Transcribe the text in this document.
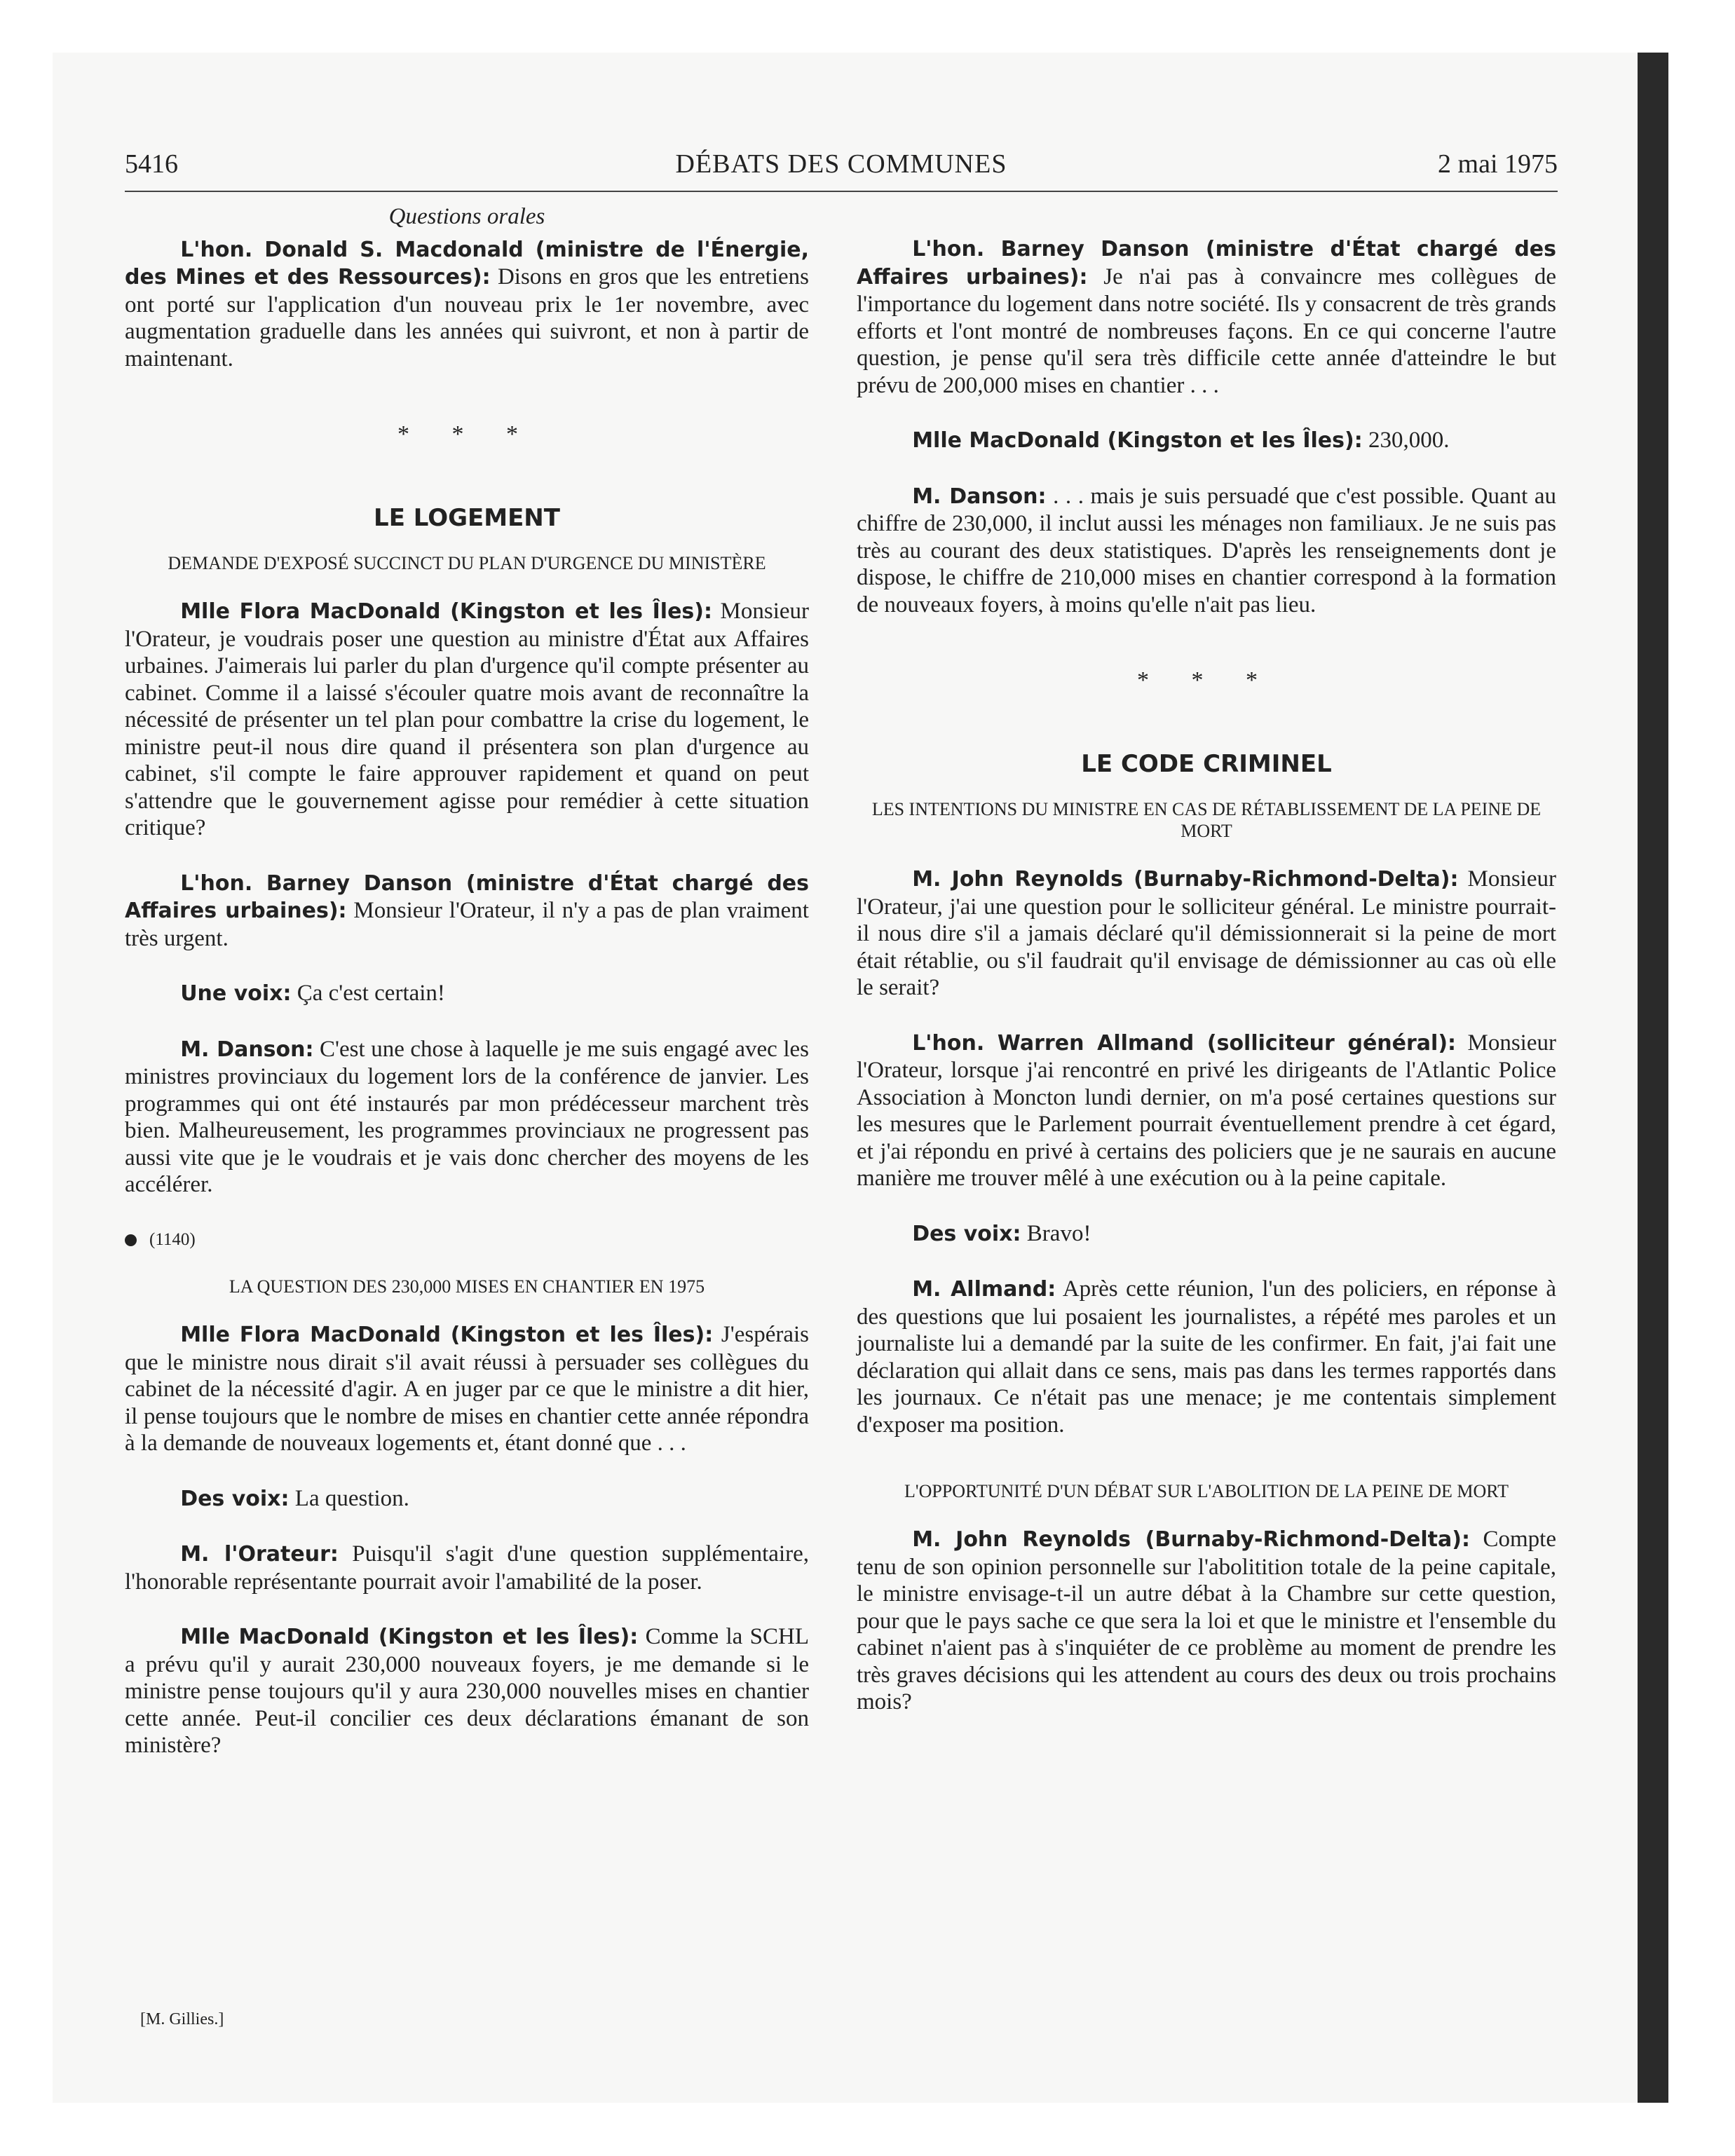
5416	DÉBATS DES COMMUNES	2 mai 1975
Questions orales

L'hon. Donald S. Macdonald (ministre de l'Énergie, des Mines et des Ressources): Disons en gros que les entretiens ont porté sur l'application d'un nouveau prix le 1er novembre, avec augmentation graduelle dans les années qui suivront, et non à partir de maintenant.

* * *
LE LOGEMENT
DEMANDE D'EXPOSÉ SUCCINCT DU PLAN D'URGENCE DU MINISTÈRE

Mlle Flora MacDonald (Kingston et les Îles): Monsieur l'Orateur, je voudrais poser une question au ministre d'État aux Affaires urbaines. J'aimerais lui parler du plan d'urgence qu'il compte présenter au cabinet. Comme il a laissé s'écouler quatre mois avant de reconnaître la nécessité de présenter un tel plan pour combattre la crise du logement, le ministre peut-il nous dire quand il présentera son plan d'urgence au cabinet, s'il compte le faire approuver rapidement et quand on peut s'attendre que le gouvernement agisse pour remédier à cette situation critique?

L'hon. Barney Danson (ministre d'État chargé des Affaires urbaines): Monsieur l'Orateur, il n'y a pas de plan vraiment très urgent.

Une voix: Ça c'est certain!

M. Danson: C'est une chose à laquelle je me suis engagé avec les ministres provinciaux du logement lors de la conférence de janvier. Les programmes qui ont été instaurés par mon prédécesseur marchent très bien. Malheureusement, les programmes provinciaux ne progressent pas aussi vite que je le voudrais et je vais donc chercher des moyens de les accélérer.

(1140)
LA QUESTION DES 230,000 MISES EN CHANTIER EN 1975

Mlle Flora MacDonald (Kingston et les Îles): J'espérais que le ministre nous dirait s'il avait réussi à persuader ses collègues du cabinet de la nécessité d'agir. A en juger par ce que le ministre a dit hier, il pense toujours que le nombre de mises en chantier cette année répondra à la demande de nouveaux logements et, étant donné que . . .

Des voix: La question.

M. l'Orateur: Puisqu'il s'agit d'une question supplémentaire, l'honorable représentante pourrait avoir l'amabilité de la poser.

Mlle MacDonald (Kingston et les Îles): Comme la SCHL a prévu qu'il y aurait 230,000 nouveaux foyers, je me demande si le ministre pense toujours qu'il y aura 230,000 nouvelles mises en chantier cette année. Peut-il concilier ces deux déclarations émanant de son ministère?

[M. Gillies.]

L'hon. Barney Danson (ministre d'État chargé des Affaires urbaines): Je n'ai pas à convaincre mes collègues de l'importance du logement dans notre société. Ils y consacrent de très grands efforts et l'ont montré de nombreuses façons. En ce qui concerne l'autre question, je pense qu'il sera très difficile cette année d'atteindre le but prévu de 200,000 mises en chantier . . .

Mlle MacDonald (Kingston et les Îles): 230,000.

M. Danson: . . . mais je suis persuadé que c'est possible. Quant au chiffre de 230,000, il inclut aussi les ménages non familiaux. Je ne suis pas très au courant des deux statistiques. D'après les renseignements dont je dispose, le chiffre de 210,000 mises en chantier correspond à la formation de nouveaux foyers, à moins qu'elle n'ait pas lieu.

* * *
LE CODE CRIMINEL
LES INTENTIONS DU MINISTRE EN CAS DE RÉTABLISSEMENT DE LA PEINE DE MORT

M. John Reynolds (Burnaby-Richmond-Delta): Monsieur l'Orateur, j'ai une question pour le solliciteur général. Le ministre pourrait-il nous dire s'il a jamais déclaré qu'il démissionnerait si la peine de mort était rétablie, ou s'il faudrait qu'il envisage de démissionner au cas où elle le serait?

L'hon. Warren Allmand (solliciteur général): Monsieur l'Orateur, lorsque j'ai rencontré en privé les dirigeants de l'Atlantic Police Association à Moncton lundi dernier, on m'a posé certaines questions sur les mesures que le Parlement pourrait éventuellement prendre à cet égard, et j'ai répondu en privé à certains des policiers que je ne saurais en aucune manière me trouver mêlé à une exécution ou à la peine capitale.

Des voix: Bravo!

M. Allmand: Après cette réunion, l'un des policiers, en réponse à des questions que lui posaient les journalistes, a répété mes paroles et un journaliste lui a demandé par la suite de les confirmer. En fait, j'ai fait une déclaration qui allait dans ce sens, mais pas dans les termes rapportés dans les journaux. Ce n'était pas une menace; je me contentais simplement d'exposer ma position.

L'OPPORTUNITÉ D'UN DÉBAT SUR L'ABOLITION DE LA PEINE DE MORT

M. John Reynolds (Burnaby-Richmond-Delta): Compte tenu de son opinion personnelle sur l'abolitition totale de la peine capitale, le ministre envisage-t-il un autre débat à la Chambre sur cette question, pour que le pays sache ce que sera la loi et que le ministre et l'ensemble du cabinet n'aient pas à s'inquiéter de ce problème au moment de prendre les très graves décisions qui les attendent au cours des deux ou trois prochains mois?
